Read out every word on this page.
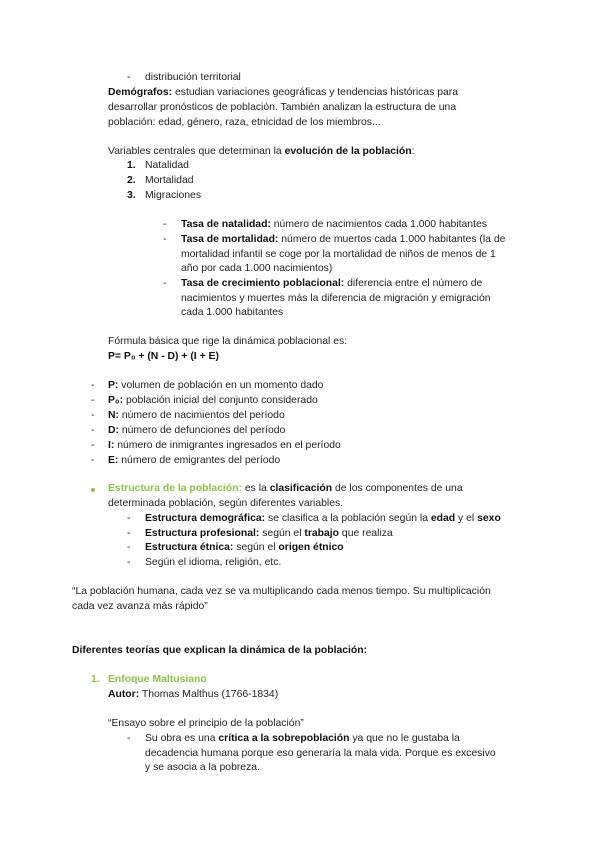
- distribución territorial
Demógrafos: estudian variaciones geográficas y tendencias históricas para
desarrollar pronósticos de población. También analizan la estructura de una
población: edad, género, raza, etnicidad de los miembros...
Variables centrales que determinan la evolución de la población:
1. Natalidad
2. Mortalidad
3. Migraciones
- Tasa de natalidad: número de nacimientos cada 1.000 habitantes
- Tasa de mortalidad: número de muertos cada 1.000 habitantes (la de
mortalidad infantil se coge por la mortalidad de niños de menos de 1
año por cada 1.000 nacimientos)
- Tasa de crecimiento poblacional: diferencia entre el número de
nacimientos y muertes más la diferencia de migración y emigración
cada 1.000 habitantes
Fórmula básica que rige la dinámica poblacional es:
P= P₀ + (N - D) + (I + E)
- P: volumen de población en un momento dado
- P₀: población inicial del conjunto considerado
- N: número de nacimientos del período
- D: número de defunciones del período
- I: número de inmigrantes ingresados en el período
- E: número de emigrantes del período
Estructura de la población: es la clasificación de los componentes de una
determinada población, según diferentes variables.
- Estructura demográfica: se clasifica a la población según la edad y el sexo
- Estructura profesional: según el trabajo que realiza
- Estructura étnica: según el origen étnico
- Según el idioma, religión, etc.
“La población humana, cada vez se va multiplicando cada menos tiempo. Su multiplicación
cada vez avanza más rápido”
Diferentes teorías que explican la dinámica de la población:
1. Enfoque Maltusiano
Autor: Thomas Malthus (1766-1834)
“Ensayo sobre el principio de la población”
- Su obra es una crítica a la sobrepoblación ya que no le gustaba la
decadencia humana porque eso generaría la mala vida. Porque es excesivo
y se asocia a la pobreza.
